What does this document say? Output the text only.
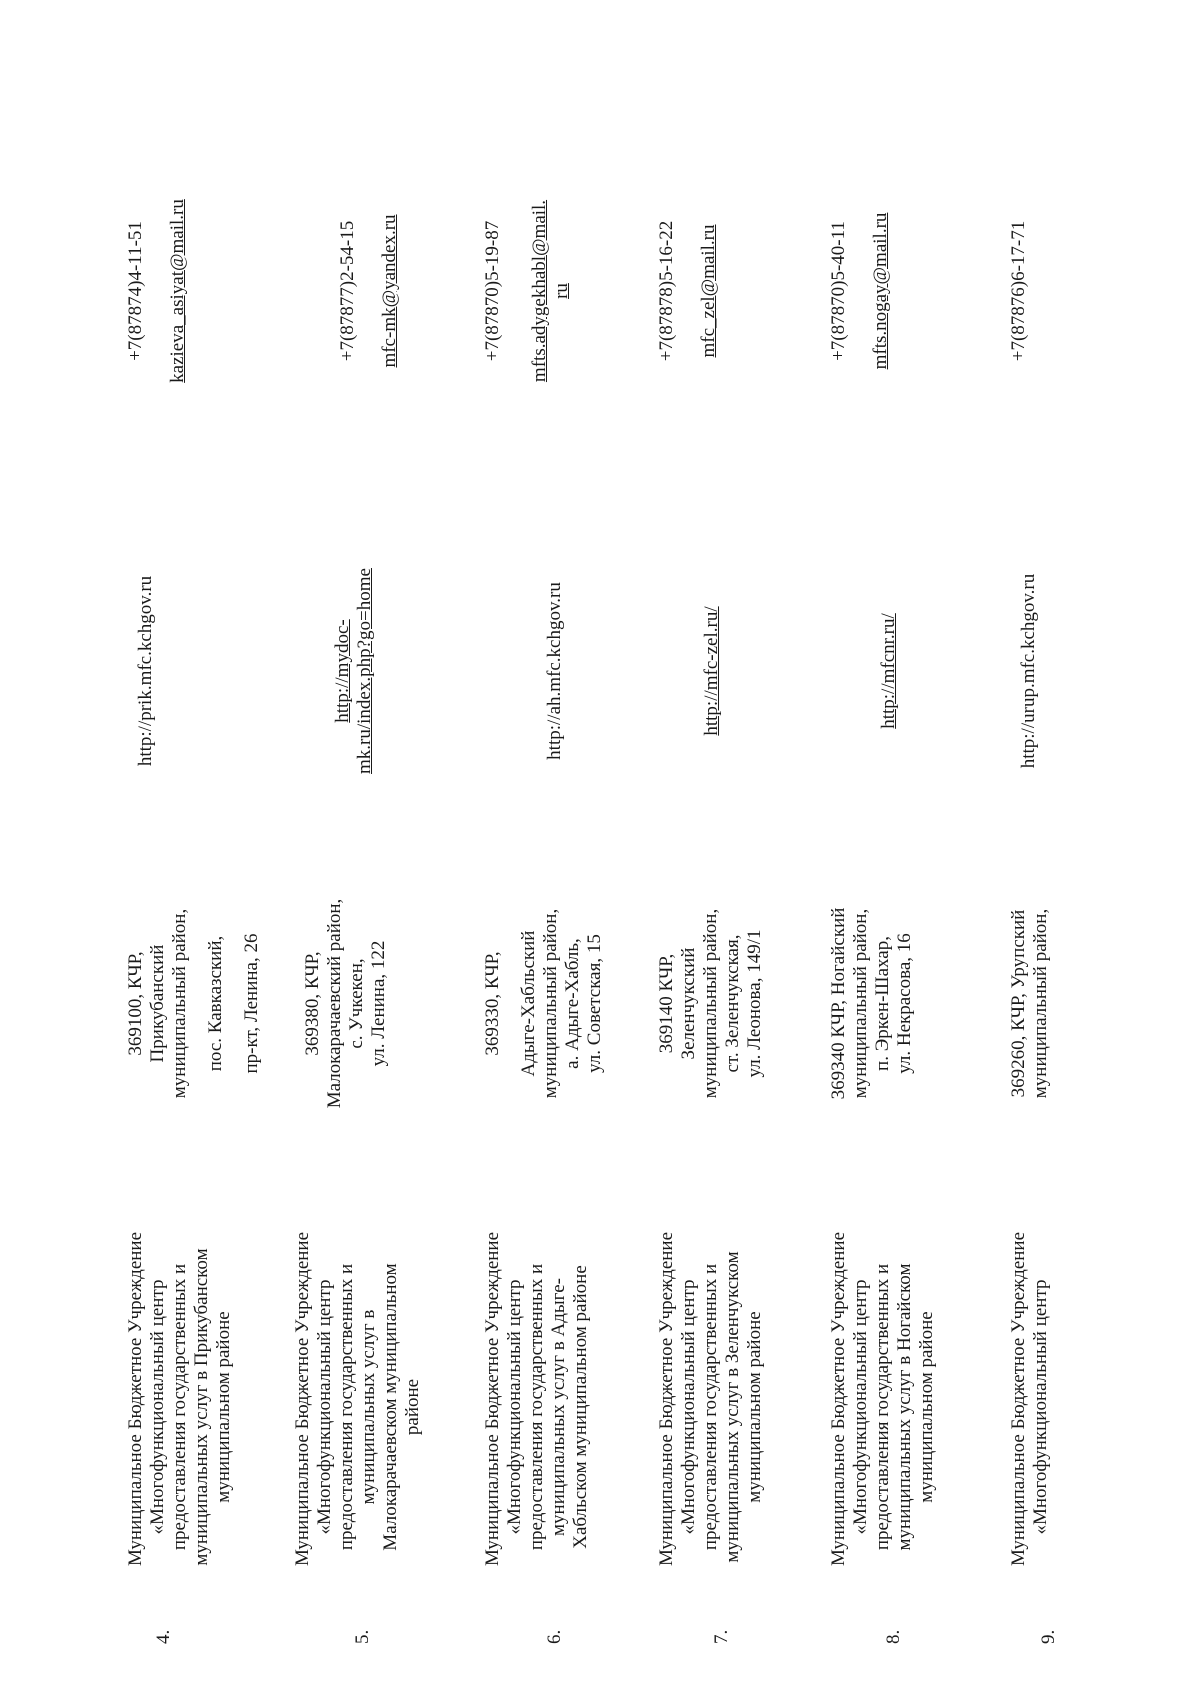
4.
Муниципальное Бюджетное Учреждение «Многофункциональный центр предоставления государственных и муниципальных услуг в Прикубанском муниципальном районе
369100, КЧР, Прикубанский муниципальный район, пос. Кавказский, пр-кт, Ленина, 26
http://prik.mfc.kchgov.ru
+7(87874)4-11-51 kazieva_asiyat@mail.ru
5.
Муниципальное Бюджетное Учреждение «Многофункциональный центр предоставления государственных и муниципальных услуг в Малокарачаевском муниципальном районе
369380, КЧР, Малокарачаевский район, с. Учкекен, ул. Ленина, 122
http://mydoc- mk.ru/index.php?go=home
+7(87877)2-54-15 mfc-mk@yandex.ru
6.
Муниципальное Бюджетное Учреждение «Многофункциональный центр предоставления государственных и муниципальных услуг в Адыге- Хабльском муниципальном районе
369330, КЧР, Адыге-Хабльский муниципальный район, а. Адыге-Хабль, ул. Советская, 15
http://ah.mfc.kchgov.ru
+7(87870)5-19-87 mfts.adygekhabl@mail. ru
7.
Муниципальное Бюджетное Учреждение «Многофункциональный центр предоставления государственных и муниципальных услуг в Зеленчукском муниципальном районе
369140 КЧР, Зеленчукский муниципальный район, ст. Зеленчукская, ул. Леонова, 149/1
http://mfc-zel.ru/
+7(87878)5-16-22 mfc_zel@mail.ru
8.
Муниципальное Бюджетное Учреждение «Многофункциональный центр предоставления государственных и муниципальных услуг в Ногайском муниципальном районе
369340 КЧР, Ногайский муниципальный район, п. Эркен-Шахар, ул. Некрасова, 16
http://mfcnr.ru/
+7(87870)5-40-11 mfts.nogay@mail.ru
9.
Муниципальное Бюджетное Учреждение «Многофункциональный центр
369260, КЧР, Урупский муниципальный район,
http://urup.mfc.kchgov.ru
+7(87876)6-17-71
